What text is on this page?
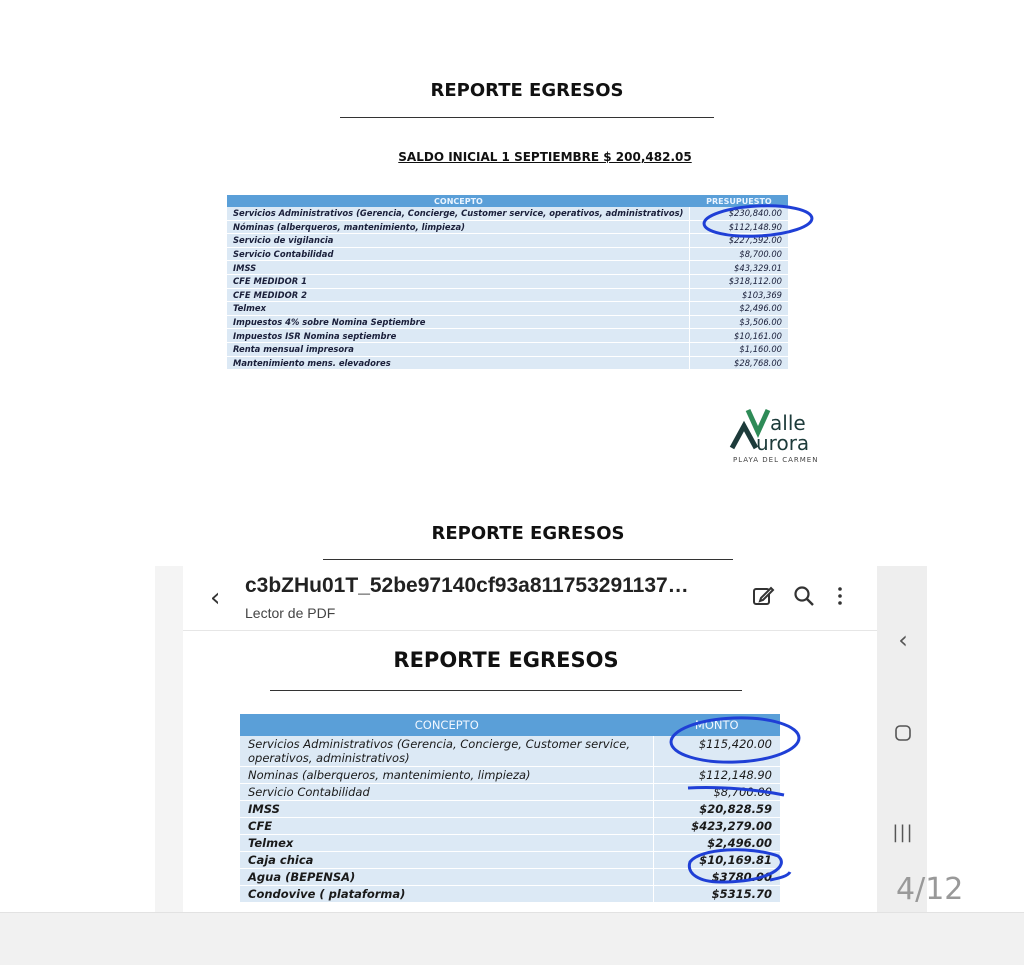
REPORTE EGRESOS
SALDO INICIAL 1 SEPTIEMBRE $ 200,482.05
CONCEPTO	PRESUPUESTO
Servicios Administrativos (Gerencia, Concierge, Customer service, operativos, administrativos)	$230,840.00
Nóminas (alberqueros, mantenimiento, limpieza)	$112,148.90
Servicio de vigilancia	$227,592.00
Servicio Contabilidad	$8,700.00
IMSS	$43,329.01
CFE MEDIDOR 1	$318,112.00
CFE MEDIDOR 2	$103,369
Telmex	$2,496.00
Impuestos 4% sobre Nomina Septiembre	$3,506.00
Impuestos ISR Nomina septiembre	$10,161.00
Renta mensual impresora	$1,160.00
Mantenimiento mens. elevadores	$28,768.00
alle
urora
PLAYA DEL CARMEN
REPORTE EGRESOS
‹ c3bZHu01T_52be97140cf93a811753291137…
Lector de PDF
REPORTE EGRESOS
CONCEPTO	MONTO
Servicios Administrativos (Gerencia, Concierge, Customer service, operativos, administrativos)	$115,420.00
Nominas (alberqueros, mantenimiento, limpieza)	$112,148.90
Servicio Contabilidad	$8,700.00
IMSS	$20,828.59
CFE	$423,279.00
Telmex	$2,496.00
Caja chica	$10,169.81
Agua (BEPENSA)	$3780.00
Condovive ( plataforma)	$5315.70
‹
|||
4/12
